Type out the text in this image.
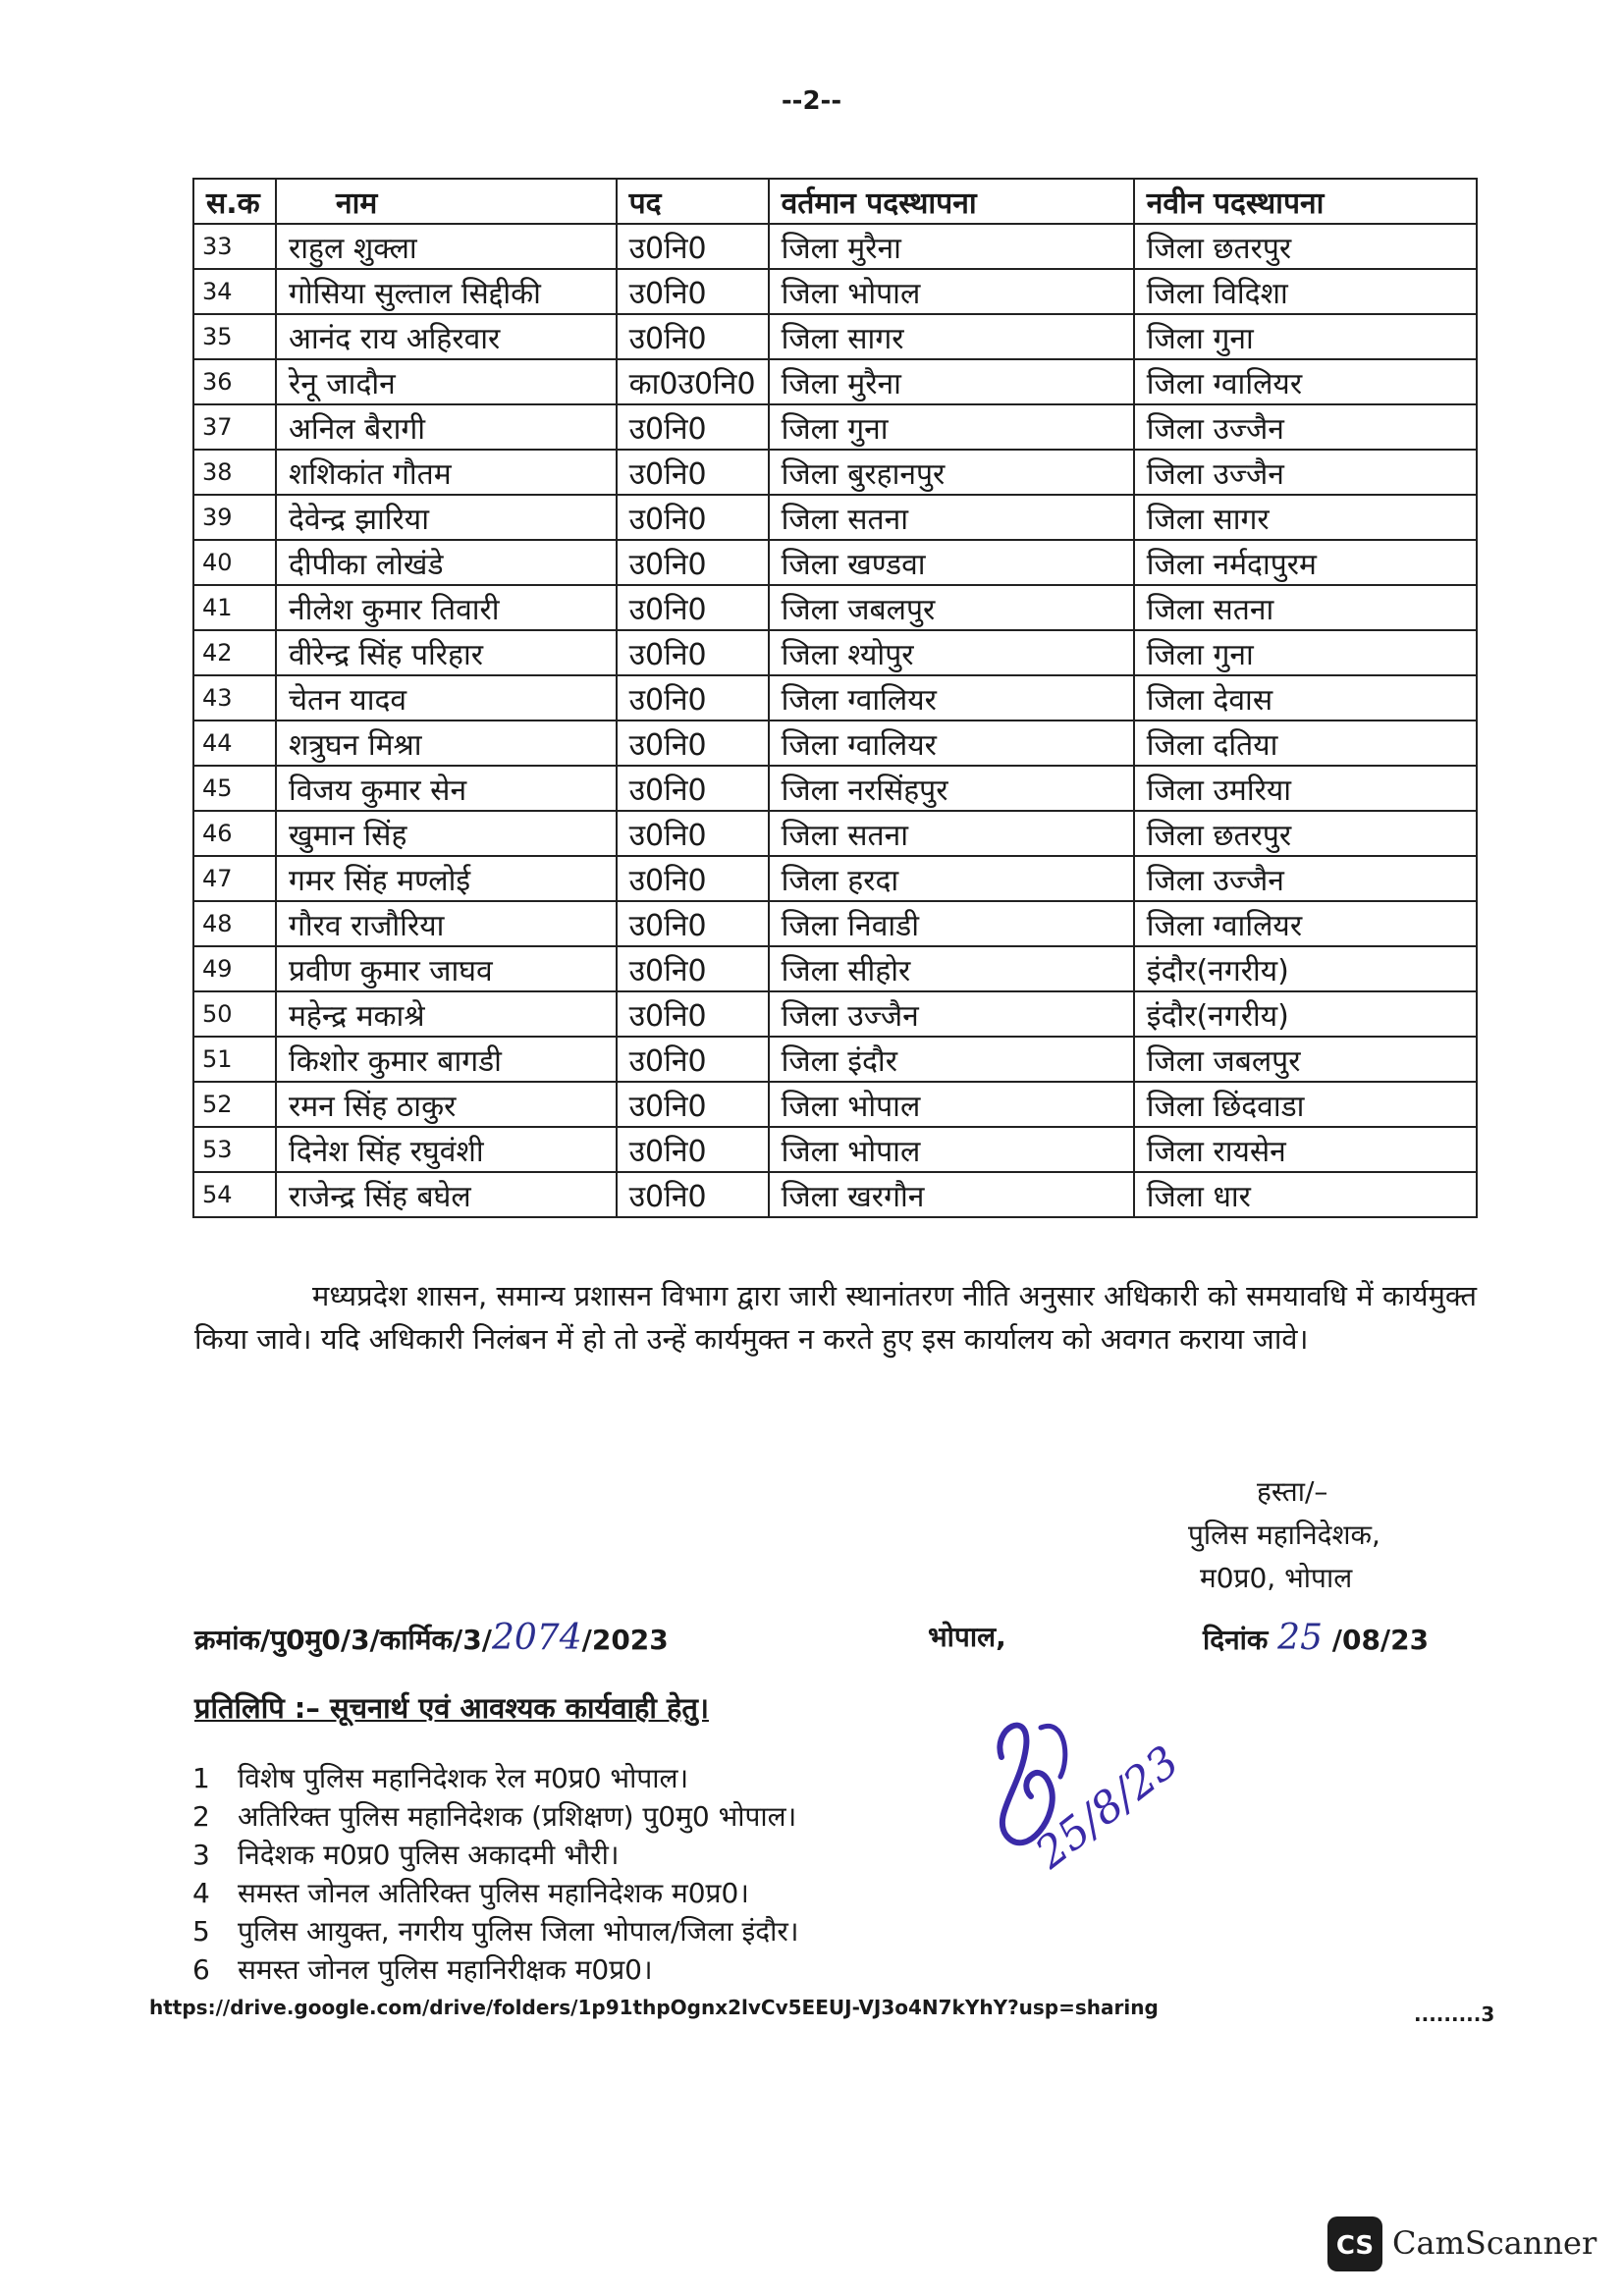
--2--
स.क	नाम	पद	वर्तमान पदस्थापना	नवीन पदस्थापना
33	राहुल शुक्ला	उ0नि0	जिला मुरैना	जिला छतरपुर
34	गोसिया सुल्ताल सिद्दीकी	उ0नि0	जिला भोपाल	जिला विदिशा
35	आनंद राय अहिरवार	उ0नि0	जिला सागर	जिला गुना
36	रेनू जादौन	का0उ0नि0	जिला मुरैना	जिला ग्वालियर
37	अनिल बैरागी	उ0नि0	जिला गुना	जिला उज्जैन
38	शशिकांत गौतम	उ0नि0	जिला बुरहानपुर	जिला उज्जैन
39	देवेन्द्र झारिया	उ0नि0	जिला सतना	जिला सागर
40	दीपीका लोखंडे	उ0नि0	जिला खण्डवा	जिला नर्मदापुरम
41	नीलेश कुमार तिवारी	उ0नि0	जिला जबलपुर	जिला सतना
42	वीरेन्द्र सिंह परिहार	उ0नि0	जिला श्योपुर	जिला गुना
43	चेतन यादव	उ0नि0	जिला ग्वालियर	जिला देवास
44	शत्रुघन मिश्रा	उ0नि0	जिला ग्वालियर	जिला दतिया
45	विजय कुमार सेन	उ0नि0	जिला नरसिंहपुर	जिला उमरिया
46	खुमान सिंह	उ0नि0	जिला सतना	जिला छतरपुर
47	गमर सिंह मण्लोई	उ0नि0	जिला हरदा	जिला उज्जैन
48	गौरव राजौरिया	उ0नि0	जिला निवाडी	जिला ग्वालियर
49	प्रवीण कुमार जाघव	उ0नि0	जिला सीहोर	इंदौर(नगरीय)
50	महेन्द्र मकाश्रे	उ0नि0	जिला उज्जैन	इंदौर(नगरीय)
51	किशोर कुमार बागडी	उ0नि0	जिला इंदौर	जिला जबलपुर
52	रमन सिंह ठाकुर	उ0नि0	जिला भोपाल	जिला छिंदवाडा
53	दिनेश सिंह रघुवंशी	उ0नि0	जिला भोपाल	जिला रायसेन
54	राजेन्द्र सिंह बघेल	उ0नि0	जिला खरगौन	जिला धार
मध्यप्रदेश शासन, समान्य प्रशासन विभाग द्वारा जारी स्थानांतरण नीति अनुसार अधिकारी को समयावधि में कार्यमुक्त किया जावे। यदि अधिकारी निलंबन में हो तो उन्हें कार्यमुक्त न करते हुए इस कार्यालय को अवगत कराया जावे।
हस्ता/–
पुलिस महानिदेशक,
म0प्र0, भोपाल
क्रमांक/पु0मु0/3/कार्मिक/3/2074/2023	भोपाल,	दिनांक 25 /08/23
प्रतिलिपि :– सूचनार्थ एवं आवश्यक कार्यवाही हेतु।
1 विशेष पुलिस महानिदेशक रेल म0प्र0 भोपाल।
2 अतिरिक्त पुलिस महानिदेशक (प्रशिक्षण) पु0मु0 भोपाल।
3 निदेशक म0प्र0 पुलिस अकादमी भौरी।
4 समस्त जोनल अतिरिक्त पुलिस महानिदेशक म0प्र0।
5 पुलिस आयुक्त, नगरीय पुलिस जिला भोपाल/जिला इंदौर।
6 समस्त जोनल पुलिस महानिरीक्षक म0प्र0।
25/8/23
https://drive.google.com/drive/folders/1p91thpOgnx2lvCv5EEUJ-VJ3o4N7kYhY?usp=sharing	.........3
CS CamScanner
